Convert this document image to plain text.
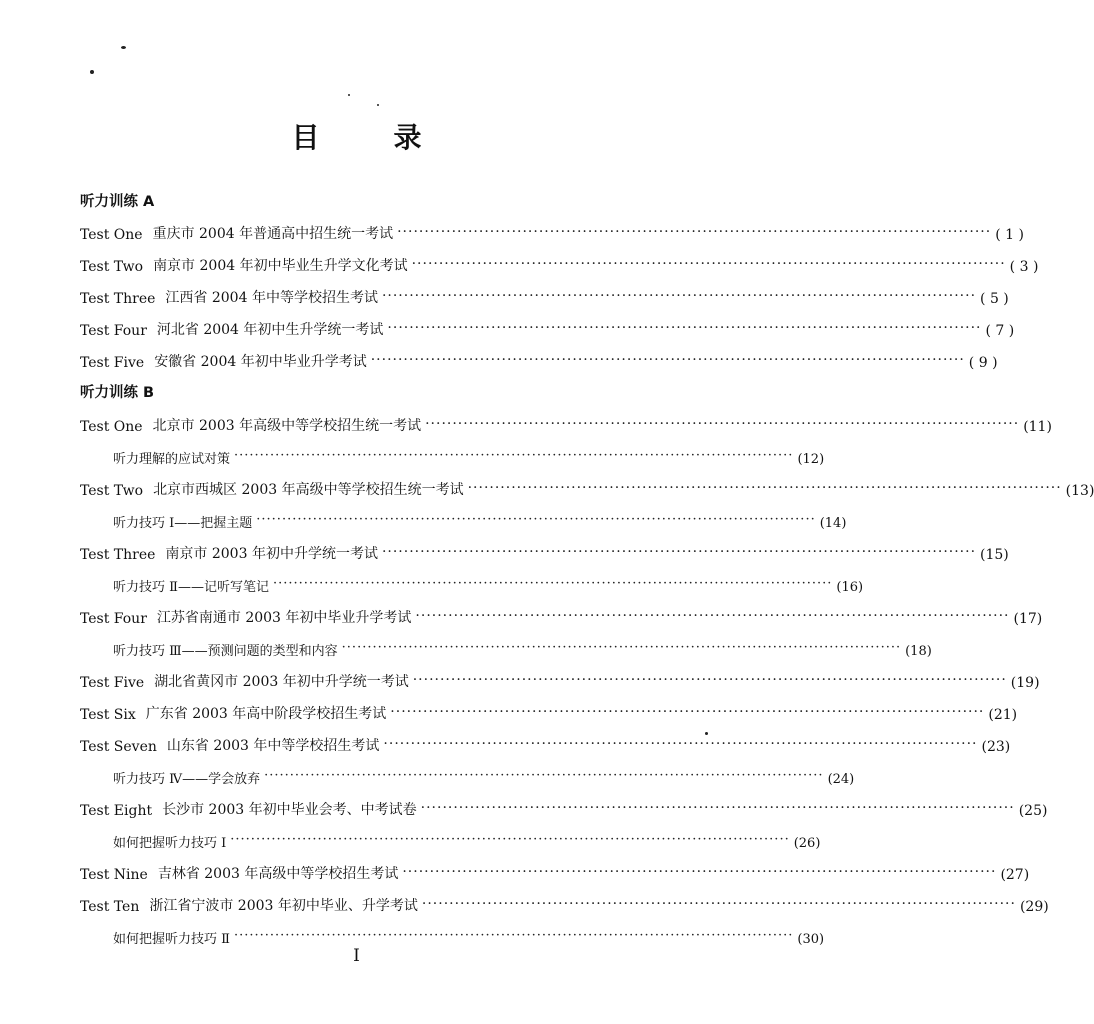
目	录
听力训练 A
Test One 重庆市 2004 年普通高中招生统一考试 ············································································································· ( 1 )
Test Two 南京市 2004 年初中毕业生升学文化考试 ············································································································· ( 3 )
Test Three 江西省 2004 年中等学校招生考试 ············································································································· ( 5 )
Test Four 河北省 2004 年初中生升学统一考试 ············································································································· ( 7 )
Test Five 安徽省 2004 年初中毕业升学考试 ············································································································· ( 9 )
听力训练 B
Test One 北京市 2003 年高级中等学校招生统一考试 ············································································································· (11)
听力理解的应试对策 ············································································································· (12)
Test Two 北京市西城区 2003 年高级中等学校招生统一考试 ············································································································· (13)
听力技巧 Ⅰ——把握主题 ············································································································· (14)
Test Three 南京市 2003 年初中升学统一考试 ············································································································· (15)
听力技巧 Ⅱ——记听写笔记 ············································································································· (16)
Test Four 江苏省南通市 2003 年初中毕业升学考试 ············································································································· (17)
听力技巧 Ⅲ——预测问题的类型和内容 ············································································································· (18)
Test Five 湖北省黄冈市 2003 年初中升学统一考试 ············································································································· (19)
Test Six 广东省 2003 年高中阶段学校招生考试 ············································································································· (21)
Test Seven 山东省 2003 年中等学校招生考试 ············································································································· (23)
听力技巧 Ⅳ——学会放弃 ············································································································· (24)
Test Eight 长沙市 2003 年初中毕业会考、中考试卷 ············································································································· (25)
如何把握听力技巧 Ⅰ ············································································································· (26)
Test Nine 吉林省 2003 年高级中等学校招生考试 ············································································································· (27)
Test Ten 浙江省宁波市 2003 年初中毕业、升学考试 ············································································································· (29)
如何把握听力技巧 Ⅱ ············································································································· (30)
I
